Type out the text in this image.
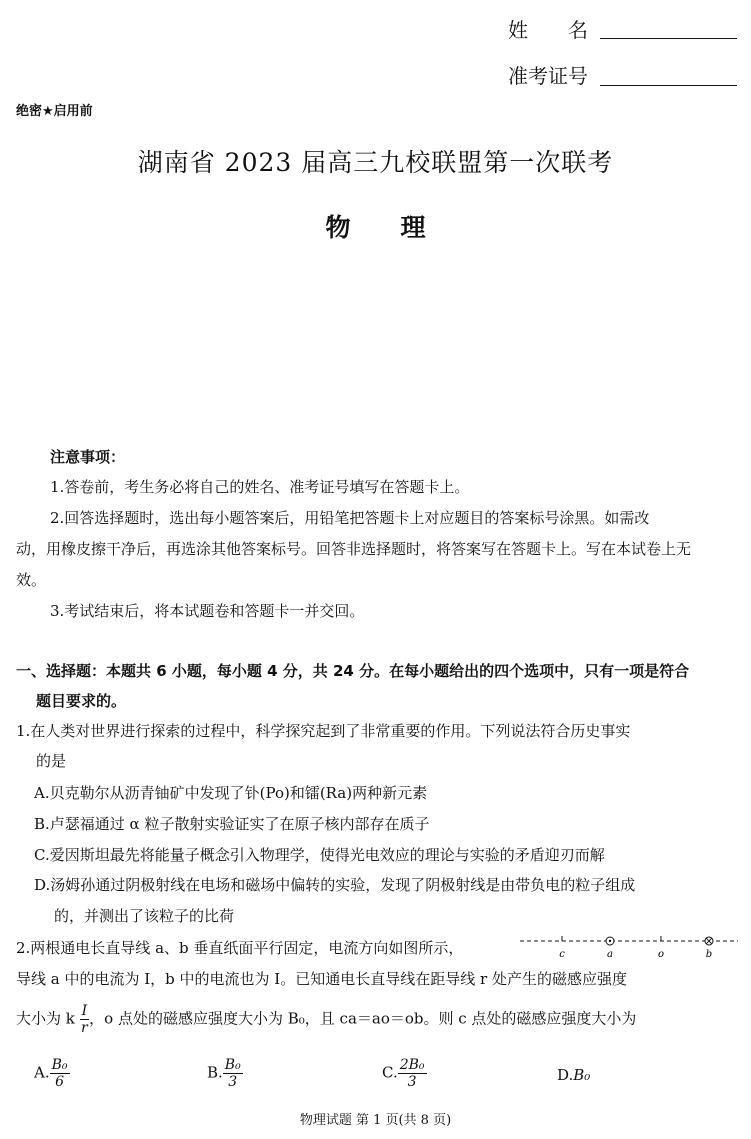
姓　　名
准考证号
绝密★启用前
湖南省 2023 届高三九校联盟第一次联考
物　　理
注意事项：
1.答卷前，考生务必将自己的姓名、准考证号填写在答题卡上。
2.回答选择题时，选出每小题答案后，用铅笔把答题卡上对应题目的答案标号涂黑。如需改
动，用橡皮擦干净后，再选涂其他答案标号。回答非选择题时，将答案写在答题卡上。写在本试卷上无
效。
3.考试结束后，将本试题卷和答题卡一并交回。
一、选择题：本题共 6 小题，每小题 4 分，共 24 分。在每小题给出的四个选项中，只有一项是符合
题目要求的。
1.在人类对世界进行探索的过程中，科学探究起到了非常重要的作用。下列说法符合历史事实
的是
A.贝克勒尔从沥青铀矿中发现了钋(Po)和镭(Ra)两种新元素
B.卢瑟福通过 α 粒子散射实验证实了在原子核内部存在质子
C.爱因斯坦最先将能量子概念引入物理学，使得光电效应的理论与实验的矛盾迎刃而解
D.汤姆孙通过阴极射线在电场和磁场中偏转的实验，发现了阴极射线是由带负电的粒子组成
的，并测出了该粒子的比荷
2.两根通电长直导线 a、b 垂直纸面平行固定，电流方向如图所示，	c	a	o	b
导线 a 中的电流为 I，b 中的电流也为 I。已知通电长直导线在距导线 r 处产生的磁感应强度
大小为 k $\frac{I}{r}$ ，o 点处的磁感应强度大小为 B₀，且 ca＝ao＝ob。则 c 点处的磁感应强度大小为
A. $\frac{\text{B₀}}{6}$	B. $\frac{\text{B₀}}{3}$	C. $\frac{\text{2B₀}}{3}$	D.B₀
物理试题 第 1 页(共 8 页)
